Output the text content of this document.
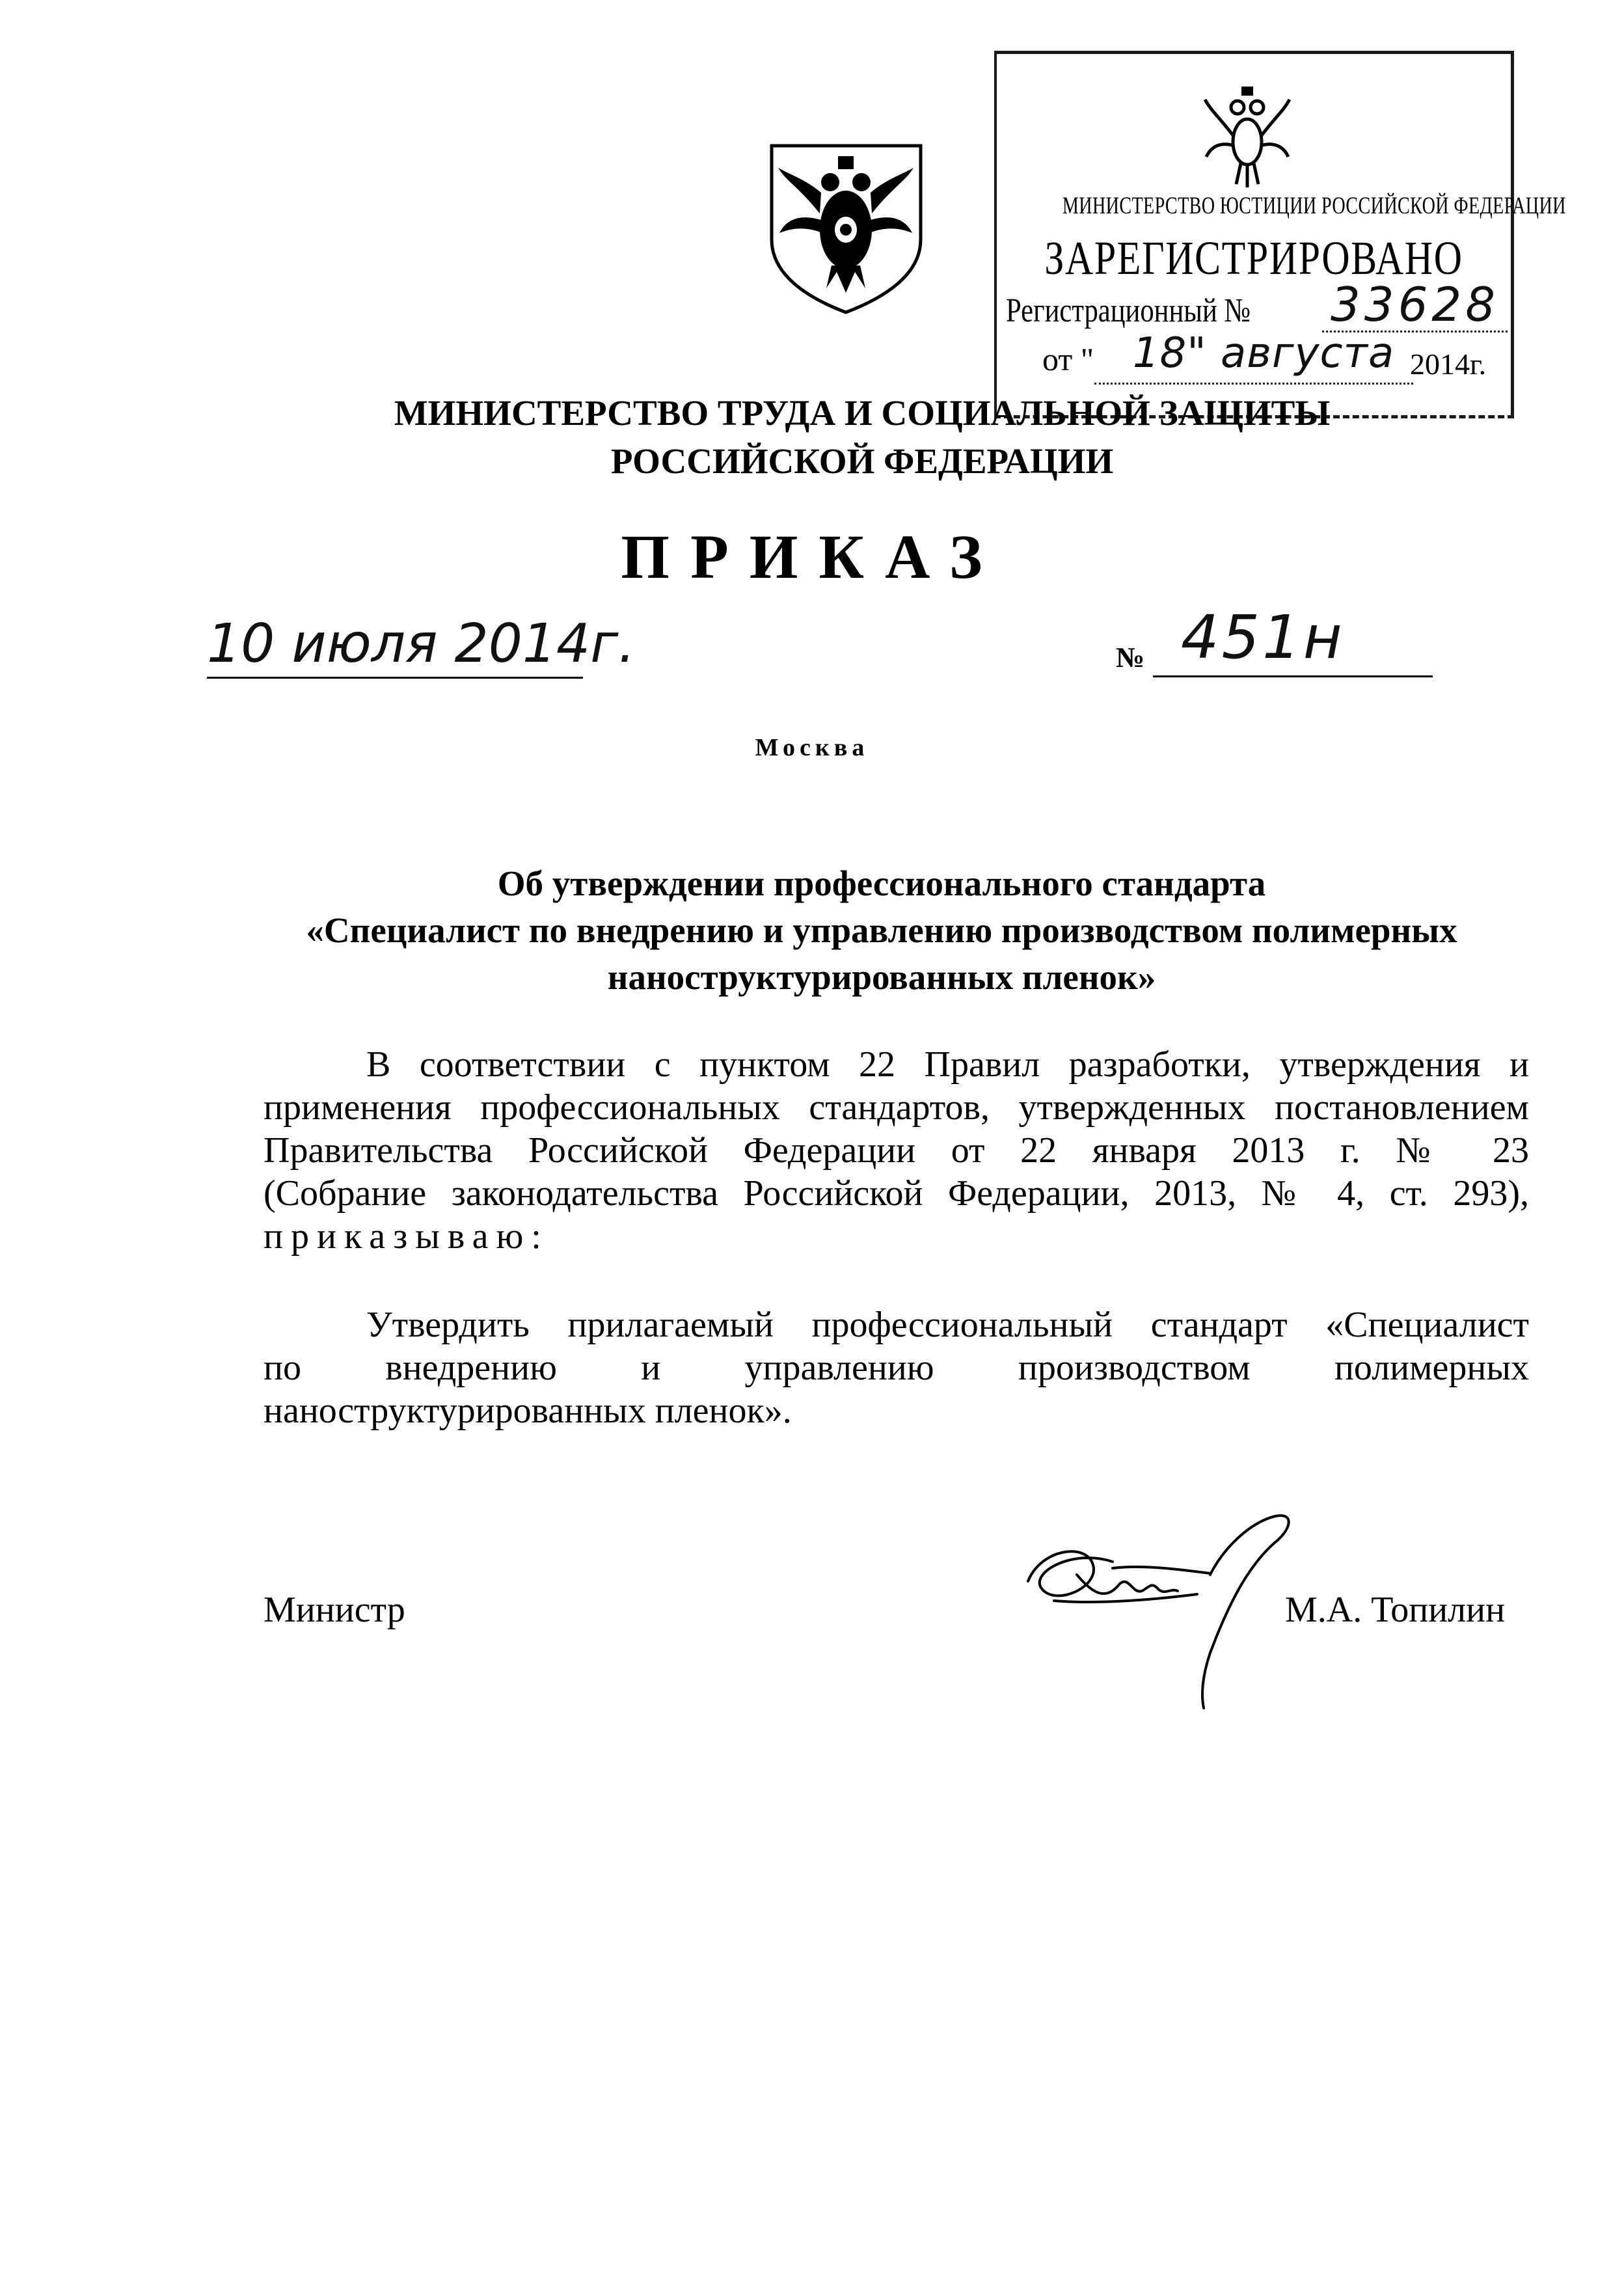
МИНИСТЕРСТВО ЮСТИЦИИ РОССИЙСКОЙ ФЕДЕРАЦИИ
ЗАРЕГИСТРИРОВАНО
Регистрационный № 33628
от " 18" августа 2014г.
МИНИСТЕРСТВО ТРУДА И СОЦИАЛЬНОЙ ЗАЩИТЫ
РОССИЙСКОЙ ФЕДЕРАЦИИ
ПРИКАЗ
10 июля 2014г.	№ 451н
Москва
Об утверждении профессионального стандарта
«Специалист по внедрению и управлению производством полимерных
наноструктурированных пленок»
В соответствии с пунктом 22 Правил разработки, утверждения и
применения профессиональных стандартов, утвержденных постановлением
Правительства Российской Федерации от 22 января 2013 г. № 23
(Собрание законодательства Российской Федерации, 2013, № 4, ст. 293),
приказываю:
Утвердить прилагаемый профессиональный стандарт «Специалист
по внедрению и управлению производством полимерных
наноструктурированных пленок».
Министр	М.А. Топилин
